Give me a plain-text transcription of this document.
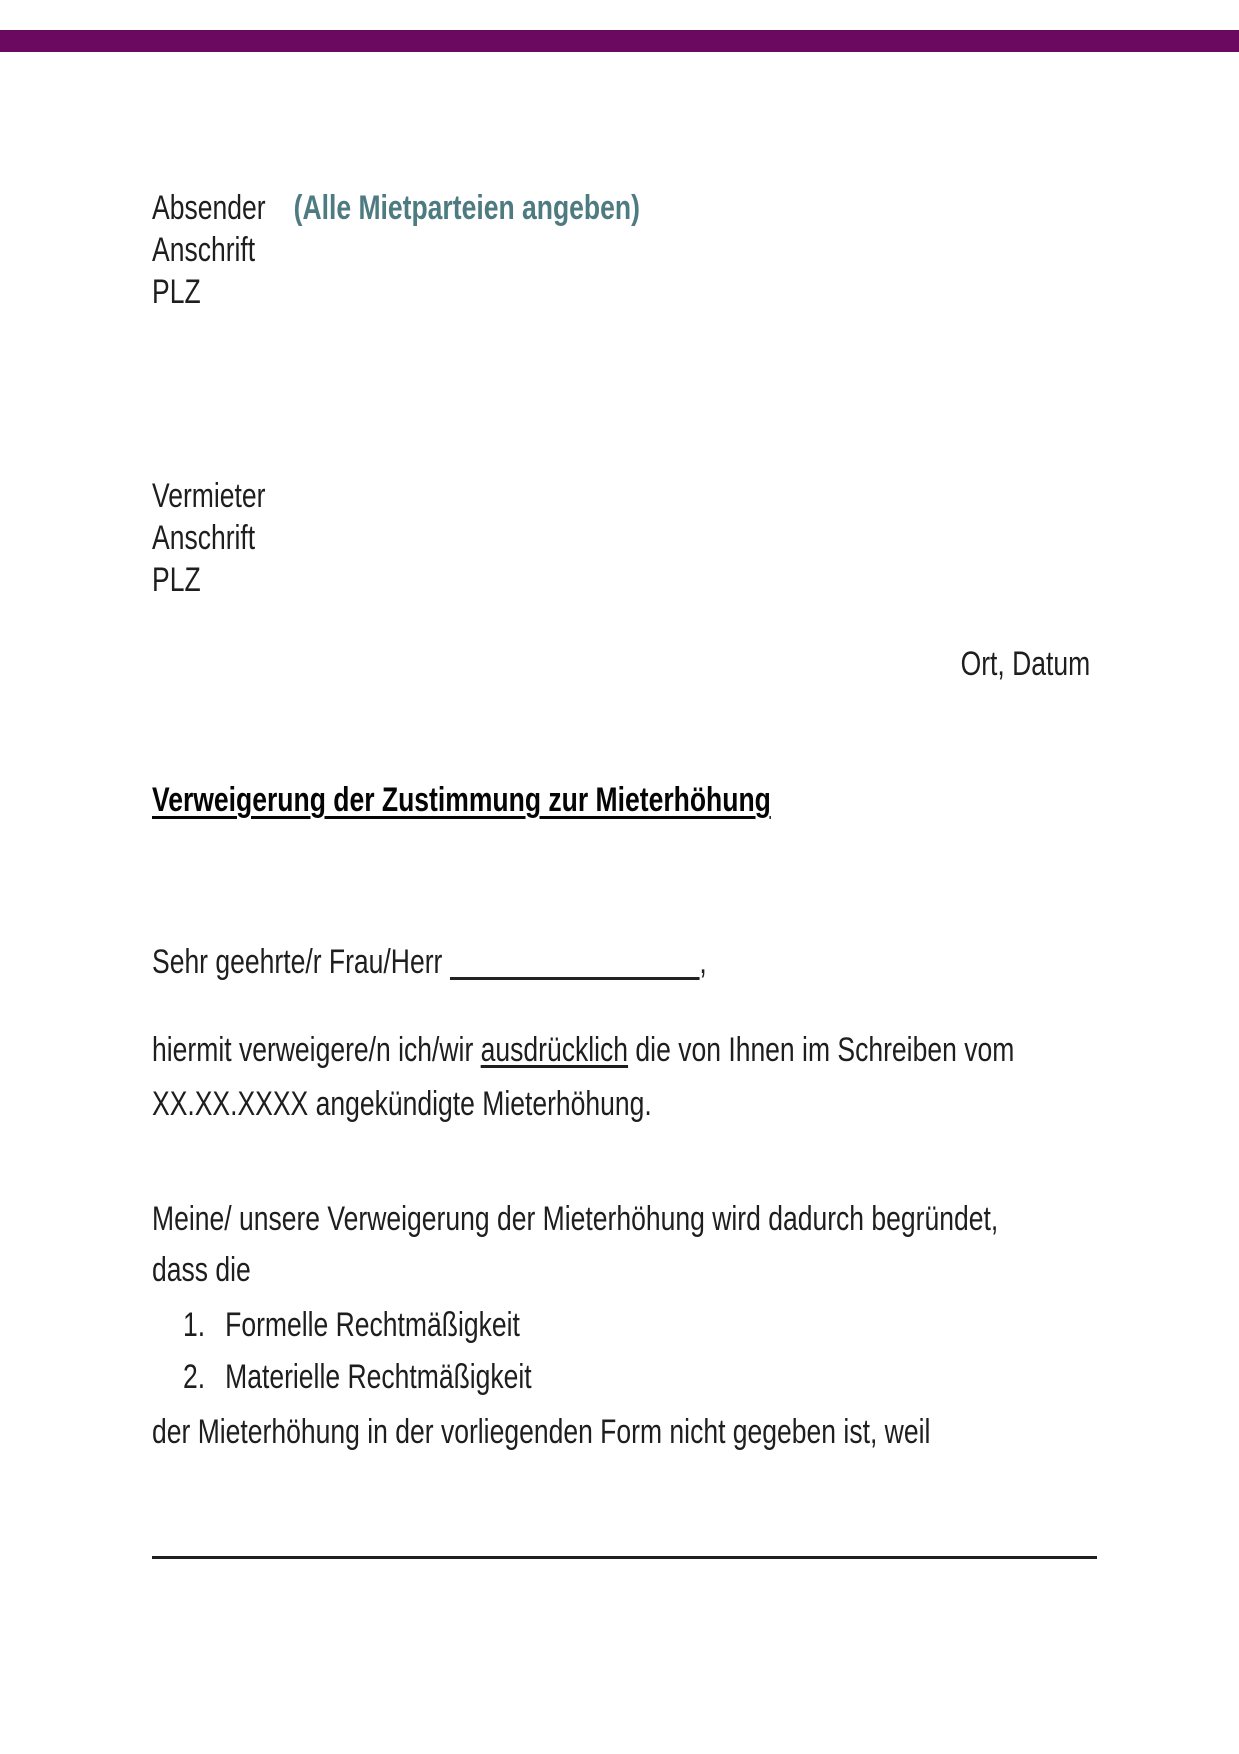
Absender (Alle Mietparteien angeben)
Anschrift
PLZ
Vermieter
Anschrift
PLZ
Ort, Datum
Verweigerung der Zustimmung zur Mieterhöhung
Sehr geehrte/r Frau/Herr	,
hiermit verweigere/n ich/wir ausdrücklich die von Ihnen im Schreiben vom
XX.XX.XXXX angekündigte Mieterhöhung.
Meine/ unsere Verweigerung der Mieterhöhung wird dadurch begründet,
dass die
1. Formelle Rechtmäßigkeit
2. Materielle Rechtmäßigkeit
der Mieterhöhung in der vorliegenden Form nicht gegeben ist, weil
